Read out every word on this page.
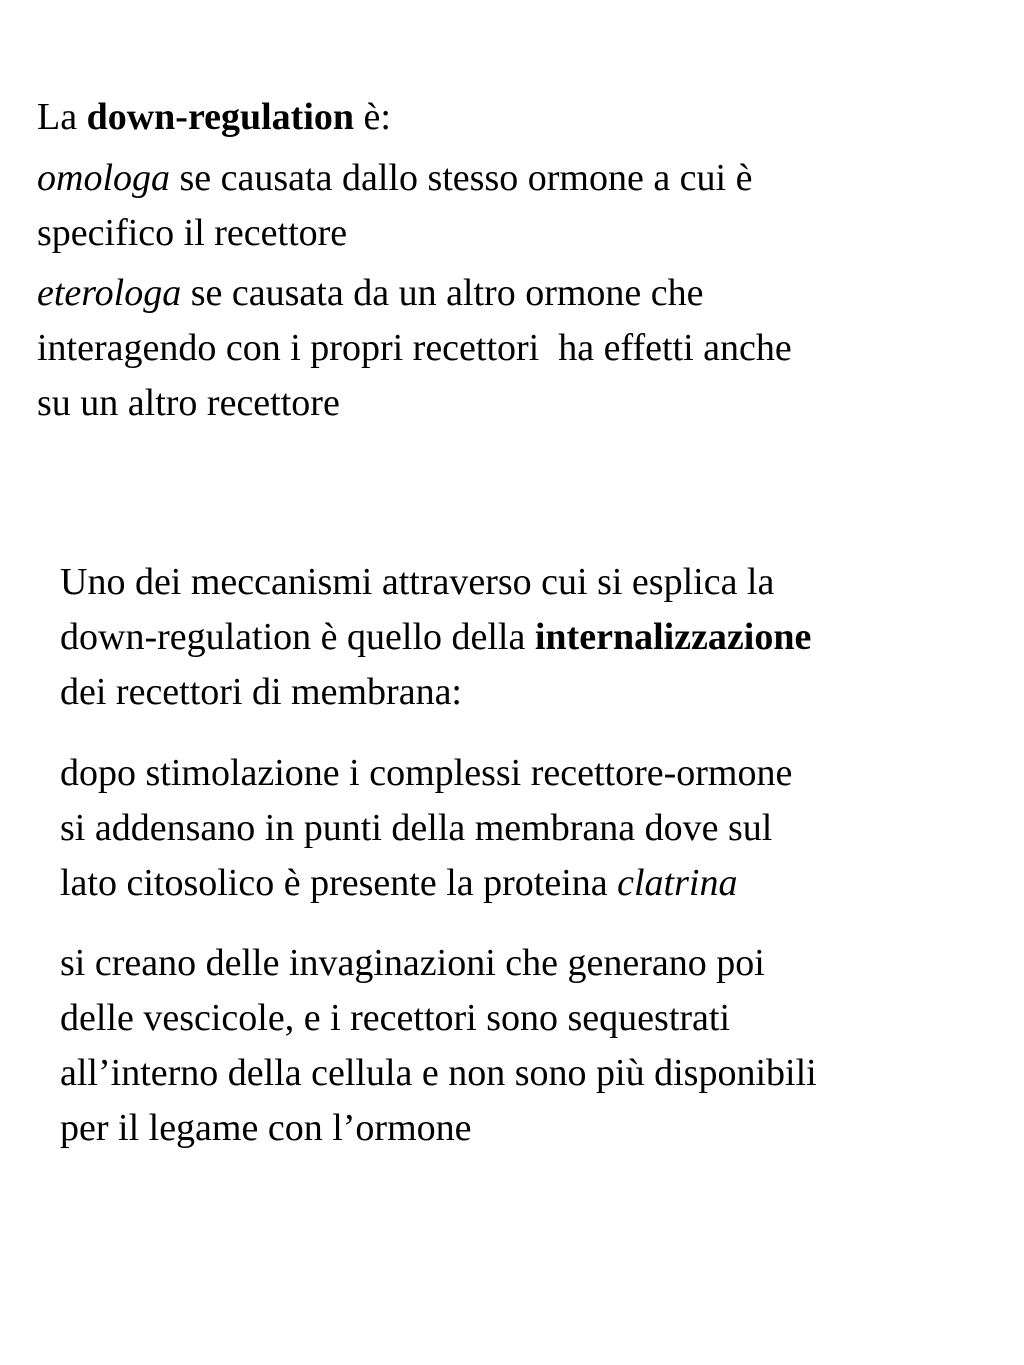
La down-regulation è:

omologa se causata dallo stesso ormone a cui è
specifico il recettore

eterologa se causata da un altro ormone che
interagendo con i propri recettori  ha effetti anche
su un altro recettore

Uno dei meccanismi attraverso cui si esplica la
down-regulation è quello della internalizzazione
dei recettori di membrana:

dopo stimolazione i complessi recettore-ormone
si addensano in punti della membrana dove sul
lato citosolico è presente la proteina clatrina

si creano delle invaginazioni che generano poi
delle vescicole, e i recettori sono sequestrati
all’interno della cellula e non sono più disponibili
per il legame con l’ormone
